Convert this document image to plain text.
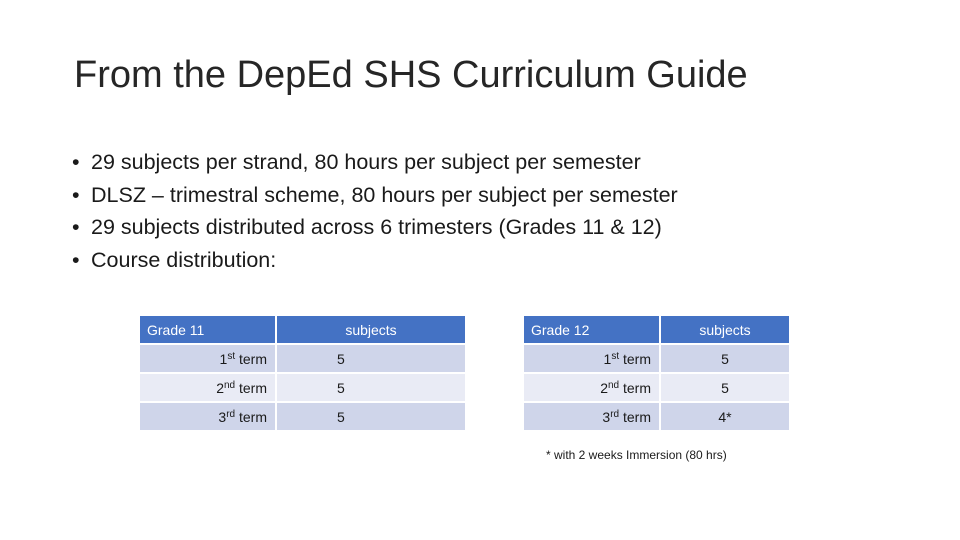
From the DepEd SHS Curriculum Guide
• 29 subjects per strand, 80 hours per subject per semester
• DLSZ – trimestral scheme, 80 hours per subject per semester
• 29 subjects distributed across 6 trimesters (Grades 11 & 12)
• Course distribution:
Grade 11	subjects
1st term	5
2nd term	5
3rd term	5
Grade 12	subjects
1st term	5
2nd term	5
3rd term	4*
* with 2 weeks Immersion (80 hrs)
